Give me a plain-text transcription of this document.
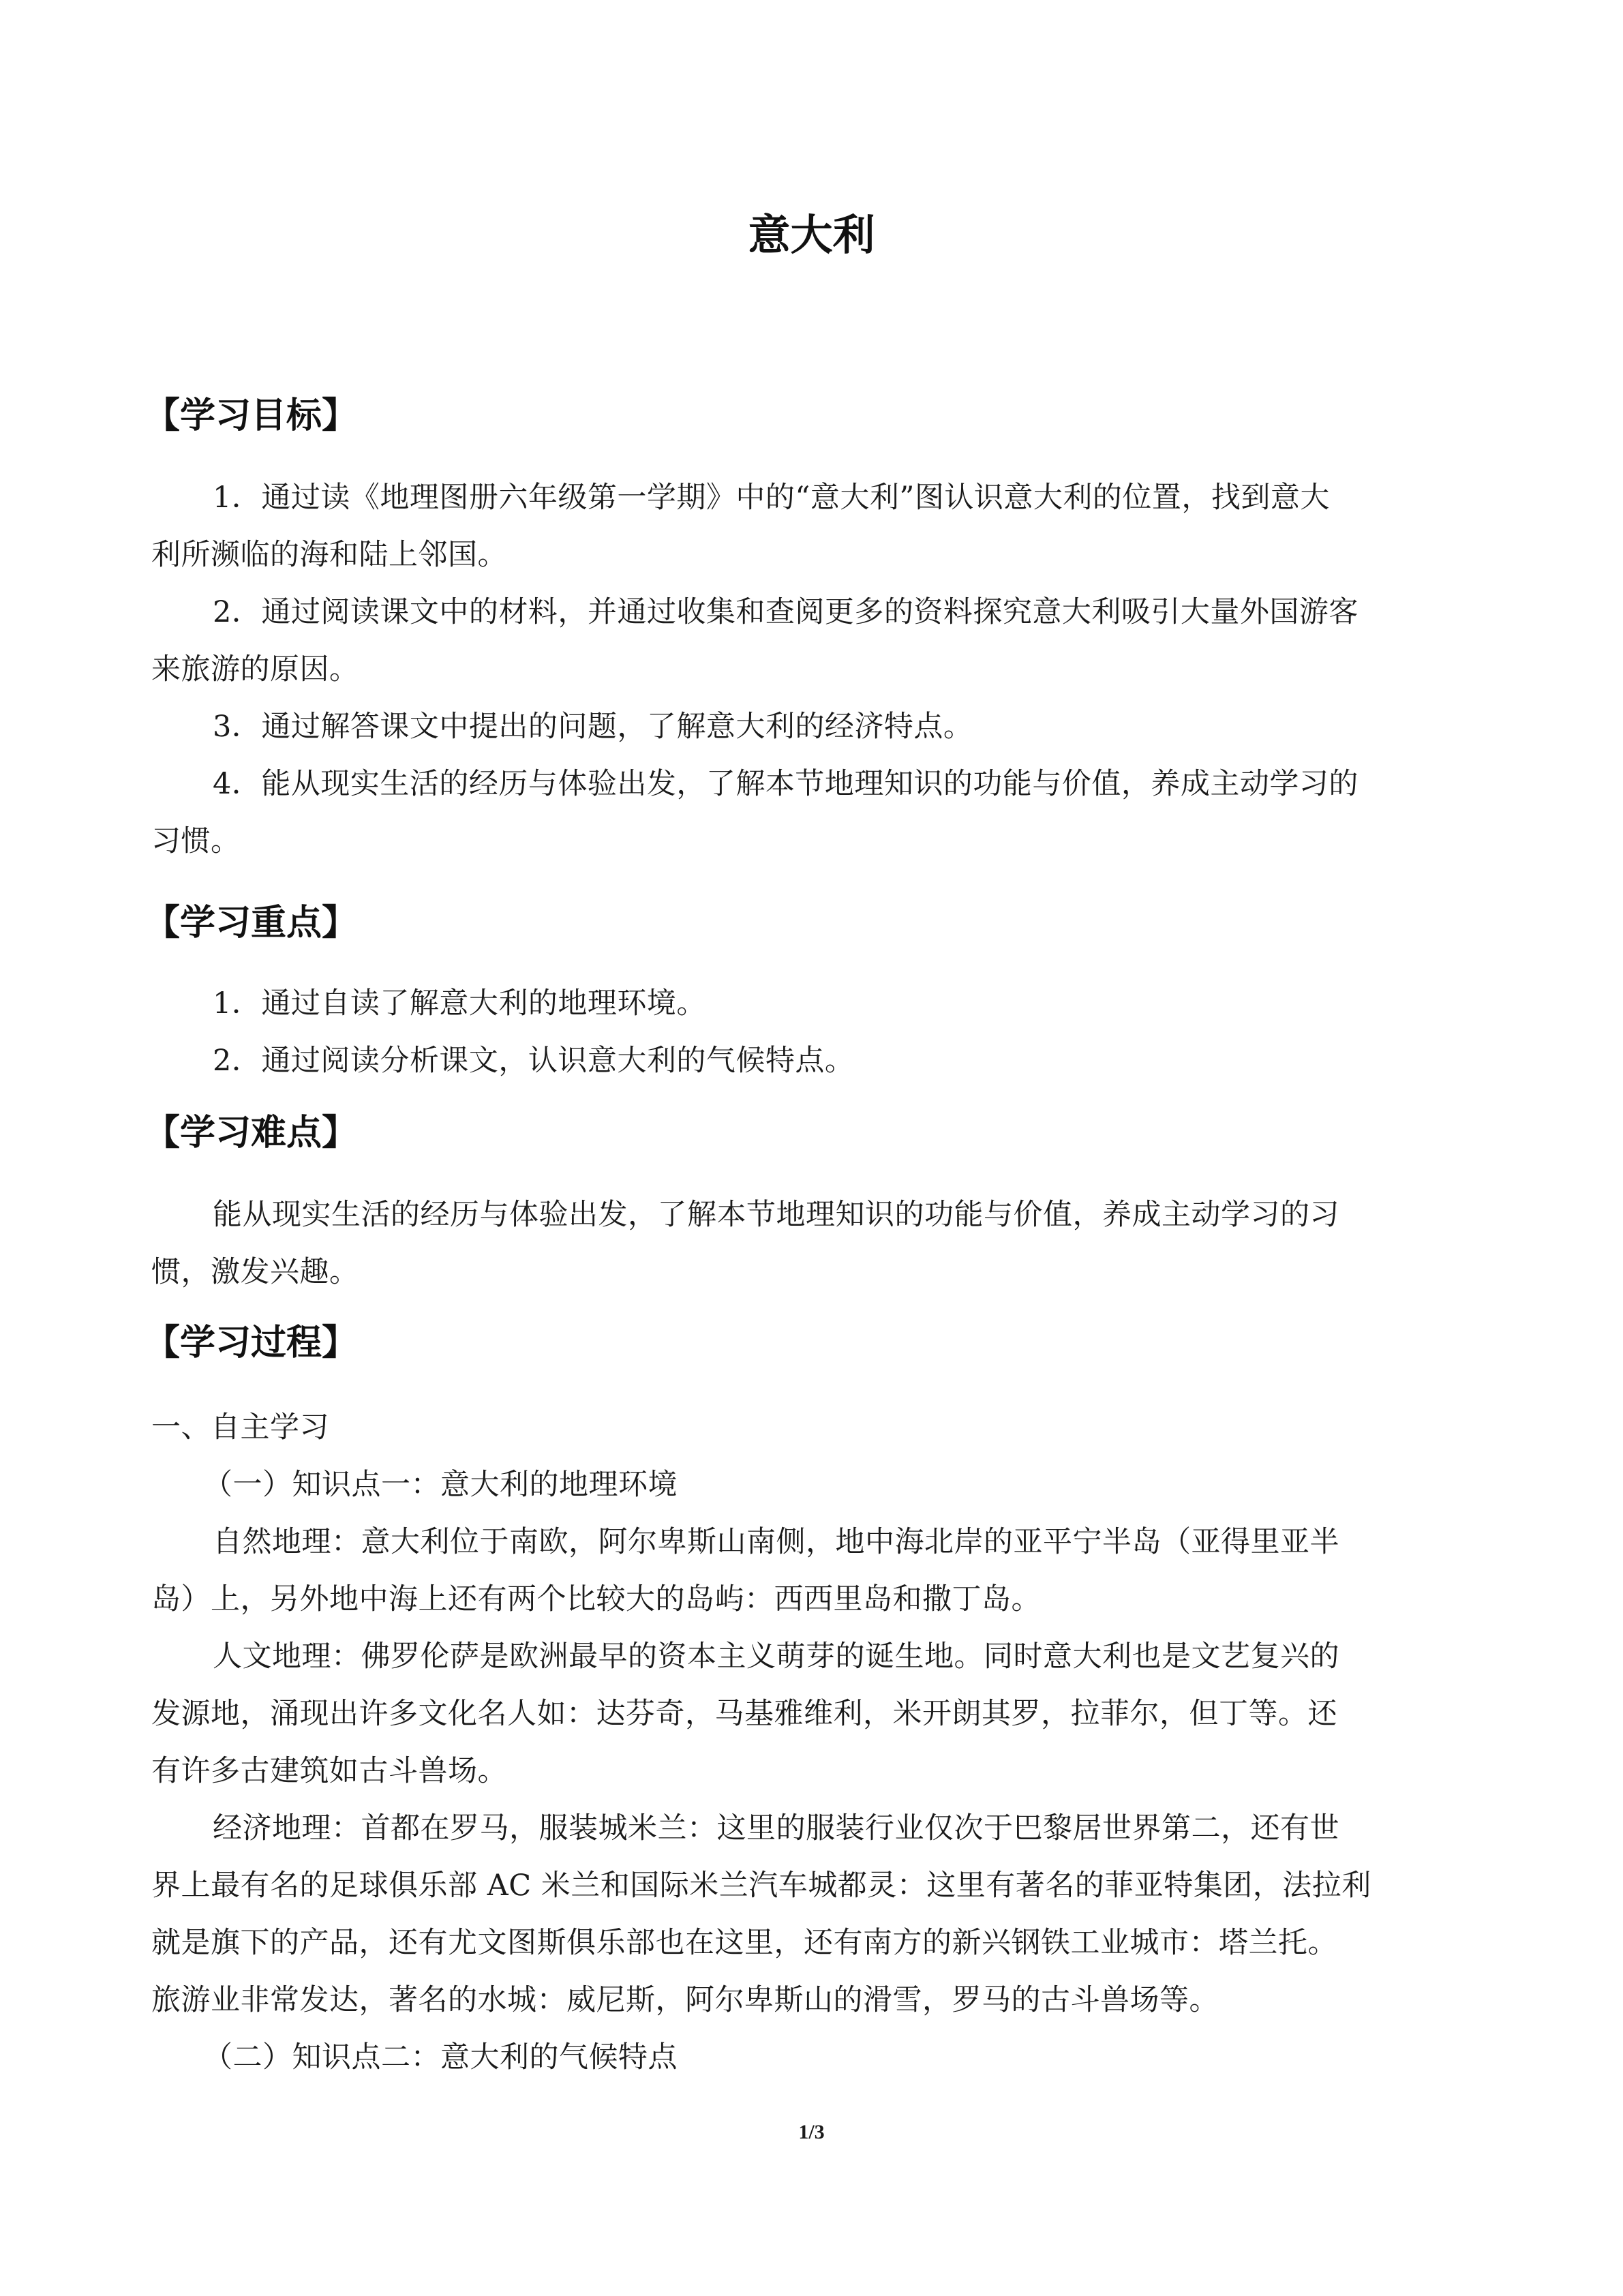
意大利
【学习目标】
1．通过读《地理图册六年级第一学期》中的“意大利”图认识意大利的位置，找到意大
利所濒临的海和陆上邻国。
2．通过阅读课文中的材料，并通过收集和查阅更多的资料探究意大利吸引大量外国游客
来旅游的原因。
3．通过解答课文中提出的问题，了解意大利的经济特点。
4．能从现实生活的经历与体验出发，了解本节地理知识的功能与价值，养成主动学习的
习惯。
【学习重点】
1．通过自读了解意大利的地理环境。
2．通过阅读分析课文，认识意大利的气候特点。
【学习难点】
能从现实生活的经历与体验出发，了解本节地理知识的功能与价值，养成主动学习的习
惯，激发兴趣。
【学习过程】
一、自主学习
（一）知识点一：意大利的地理环境
自然地理：意大利位于南欧，阿尔卑斯山南侧，地中海北岸的亚平宁半岛（亚得里亚半
岛）上，另外地中海上还有两个比较大的岛屿：西西里岛和撒丁岛。
人文地理：佛罗伦萨是欧洲最早的资本主义萌芽的诞生地。同时意大利也是文艺复兴的
发源地，涌现出许多文化名人如：达芬奇，马基雅维利，米开朗其罗，拉菲尔，但丁等。还
有许多古建筑如古斗兽场。
经济地理：首都在罗马，服装城米兰：这里的服装行业仅次于巴黎居世界第二，还有世
界上最有名的足球俱乐部 AC 米兰和国际米兰汽车城都灵：这里有著名的菲亚特集团，法拉利
就是旗下的产品，还有尤文图斯俱乐部也在这里，还有南方的新兴钢铁工业城市：塔兰托。
旅游业非常发达，著名的水城：威尼斯，阿尔卑斯山的滑雪，罗马的古斗兽场等。
（二）知识点二：意大利的气候特点
1/3
